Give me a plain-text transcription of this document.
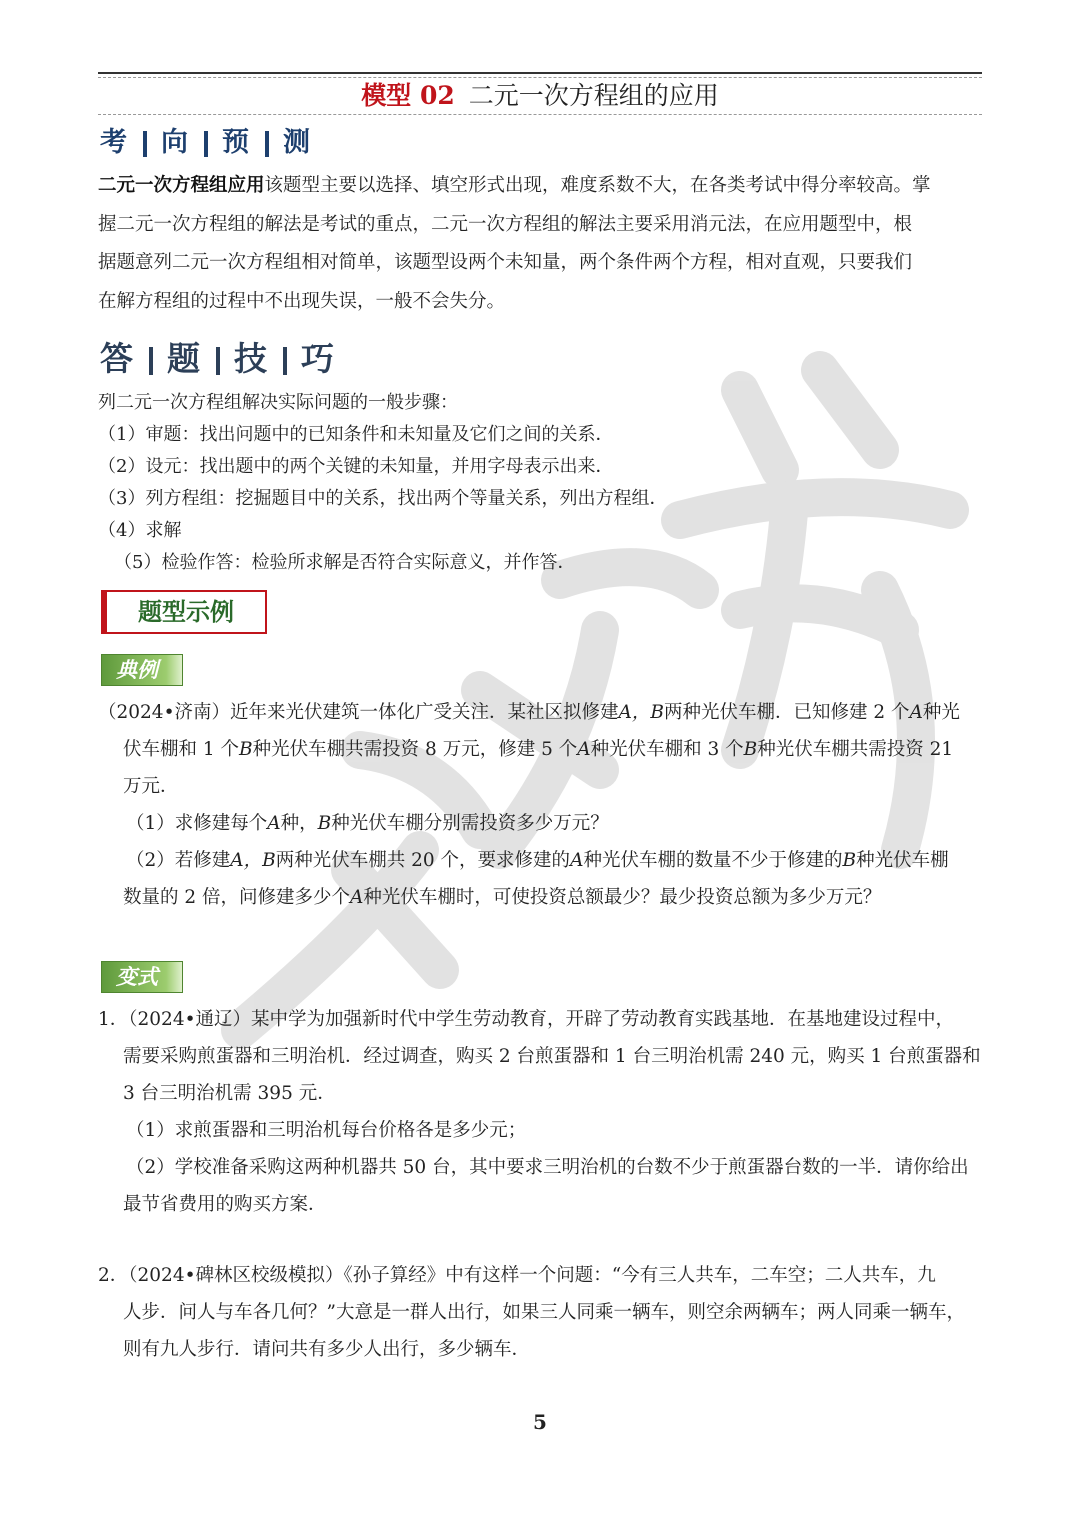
模型 02 二元一次方程组的应用
考 向 预 测
二元一次方程组应用该题型主要以选择、填空形式出现，难度系数不大，在各类考试中得分率较高。掌
握二元一次方程组的解法是考试的重点，二元一次方程组的解法主要采用消元法，在应用题型中，根
据题意列二元一次方程组相对简单，该题型设两个未知量，两个条件两个方程，相对直观，只要我们
在解方程组的过程中不出现失误，一般不会失分。
答 题 技 巧
列二元一次方程组解决实际问题的一般步骤：
（1）审题：找出问题中的已知条件和未知量及它们之间的关系．
（2）设元：找出题中的两个关键的未知量，并用字母表示出来．
（3）列方程组：挖掘题目中的关系，找出两个等量关系，列出方程组．
（4）求解
（5）检验作答：检验所求解是否符合实际意义，并作答．
题型示例
典例
（2024•济南）近年来光伏建筑一体化广受关注．某社区拟修建A，B两种光伏车棚．已知修建 2 个A种光
伏车棚和 1 个B种光伏车棚共需投资 8 万元，修建 5 个A种光伏车棚和 3 个B种光伏车棚共需投资 21
万元．
（1）求修建每个A种，B种光伏车棚分别需投资多少万元？
（2）若修建A，B两种光伏车棚共 20 个，要求修建的A种光伏车棚的数量不少于修建的B种光伏车棚
数量的 2 倍，问修建多少个A种光伏车棚时，可使投资总额最少？最少投资总额为多少万元？
变式
1．（2024•通辽）某中学为加强新时代中学生劳动教育，开辟了劳动教育实践基地．在基地建设过程中，
需要采购煎蛋器和三明治机．经过调查，购买 2 台煎蛋器和 1 台三明治机需 240 元，购买 1 台煎蛋器和
3 台三明治机需 395 元．
（1）求煎蛋器和三明治机每台价格各是多少元；
（2）学校准备采购这两种机器共 50 台，其中要求三明治机的台数不少于煎蛋器台数的一半．请你给出
最节省费用的购买方案．
2．（2024•碑林区校级模拟）《孙子算经》中有这样一个问题：“今有三人共车，二车空；二人共车，九
人步．问人与车各几何？”大意是一群人出行，如果三人同乘一辆车，则空余两辆车；两人同乘一辆车，
则有九人步行．请问共有多少人出行，多少辆车．
5
